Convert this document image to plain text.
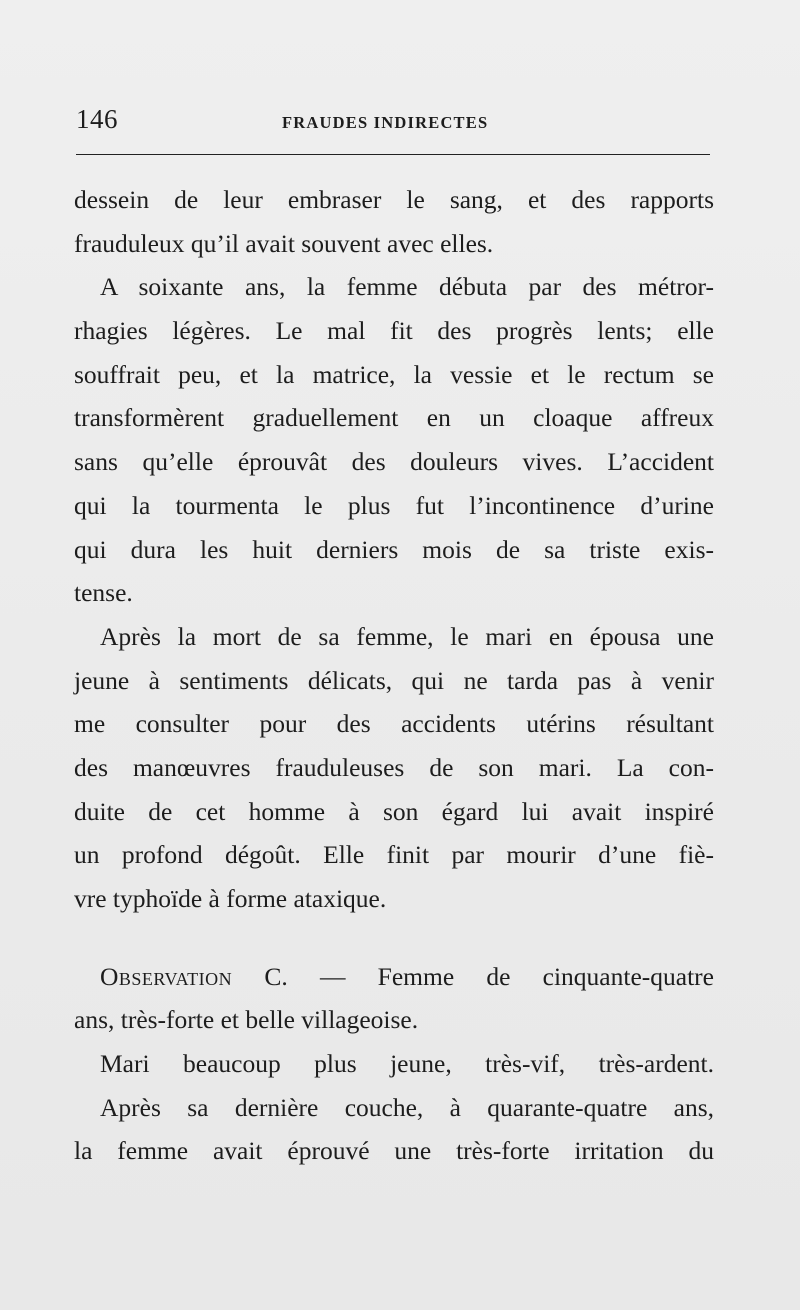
146	FRAUDES INDIRECTES
dessein de leur embraser le sang, et des rapports
frauduleux qu’il avait souvent avec elles.
A soixante ans, la femme débuta par des métror-
rhagies légères. Le mal fit des progrès lents; elle
souffrait peu, et la matrice, la vessie et le rectum se
transformèrent graduellement en un cloaque affreux
sans qu’elle éprouvât des douleurs vives. L’accident
qui la tourmenta le plus fut l’incontinence d’urine
qui dura les huit derniers mois de sa triste exis-
tense.
Après la mort de sa femme, le mari en épousa une
jeune à sentiments délicats, qui ne tarda pas à venir
me consulter pour des accidents utérins résultant
des manœuvres frauduleuses de son mari. La con-
duite de cet homme à son égard lui avait inspiré
un profond dégoût. Elle finit par mourir d’une fiè-
vre typhoïde à forme ataxique.
Observation C. — Femme de cinquante-quatre
ans, très-forte et belle villageoise.
Mari beaucoup plus jeune, très-vif, très-ardent.
Après sa dernière couche, à quarante-quatre ans,
la femme avait éprouvé une très-forte irritation du
